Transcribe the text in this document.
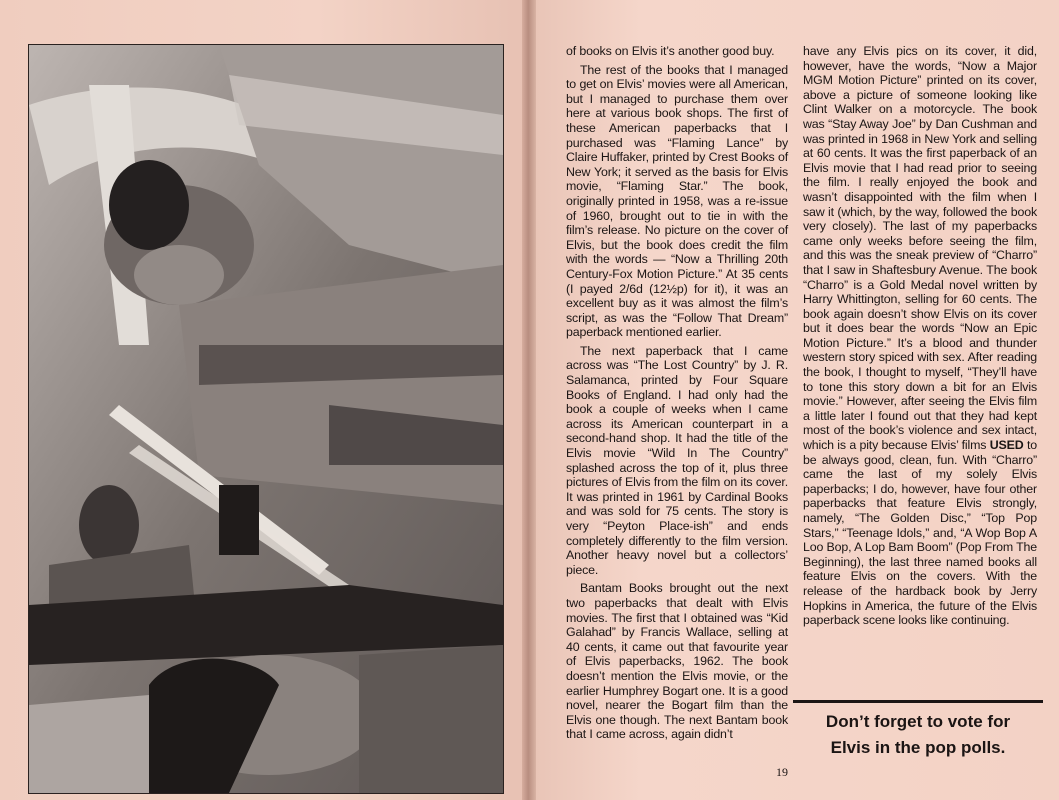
of books on Elvis it’s another good buy.

The rest of the books that I managed to get on Elvis’ movies were all American, but I managed to purchase them over here at various book shops. The first of these American paperbacks that I purchased was “Flaming Lance” by Claire Huffaker, printed by Crest Books of New York; it served as the basis for Elvis movie, “Flaming Star.” The book, originally printed in 1958, was a re-issue of 1960, brought out to tie in with the film’s release. No picture on the cover of Elvis, but the book does credit the film with the words — “Now a Thrilling 20th Century-Fox Motion Picture.” At 35 cents (I payed 2/6d (12½p) for it), it was an excellent buy as it was almost the film’s script, as was the “Follow That Dream” paperback mentioned earlier.

The next paperback that I came across was “The Lost Country” by J. R. Salamanca, printed by Four Square Books of England. I had only had the book a couple of weeks when I came across its American counterpart in a second-hand shop. It had the title of the Elvis movie “Wild In The Country” splashed across the top of it, plus three pictures of Elvis from the film on its cover. It was printed in 1961 by Cardinal Books and was sold for 75 cents. The story is very “Peyton Place-ish” and ends completely differently to the film version. Another heavy novel but a collectors’ piece.

Bantam Books brought out the next two paperbacks that dealt with Elvis movies. The first that I obtained was “Kid Galahad” by Francis Wallace, selling at 40 cents, it came out that favourite year of Elvis paperbacks, 1962. The book doesn’t mention the Elvis movie, or the earlier Humphrey Bogart one. It is a good novel, nearer the Bogart film than the Elvis one though. The next Bantam book that I came across, again didn’t

have any Elvis pics on its cover, it did, however, have the words, “Now a Major MGM Motion Picture” printed on its cover, above a picture of someone looking like Clint Walker on a motorcycle. The book was “Stay Away Joe” by Dan Cushman and was printed in 1968 in New York and selling at 60 cents. It was the first paperback of an Elvis movie that I had read prior to seeing the film. I really enjoyed the book and wasn’t disappointed with the film when I saw it (which, by the way, followed the book very closely). The last of my paperbacks came only weeks before seeing the film, and this was the sneak preview of “Charro” that I saw in Shaftesbury Avenue. The book “Charro” is a Gold Medal novel written by Harry Whittington, selling for 60 cents. The book again doesn’t show Elvis on its cover but it does bear the words “Now an Epic Motion Picture.” It’s a blood and thunder western story spiced with sex. After reading the book, I thought to myself, “They’ll have to tone this story down a bit for an Elvis movie.” However, after seeing the Elvis film a little later I found out that they had kept most of the book’s violence and sex intact, which is a pity because Elvis’ films USED to be always good, clean, fun. With “Charro” came the last of my solely Elvis paperbacks; I do, however, have four other paperbacks that feature Elvis strongly, namely, “The Golden Disc,” “Top Pop Stars,” “Teenage Idols,” and, “A Wop Bop A Loo Bop, A Lop Bam Boom” (Pop From The Beginning), the last three named books all feature Elvis on the covers. With the release of the hardback book by Jerry Hopkins in America, the future of the Elvis paperback scene looks like continuing.

Don’t forget to vote for
Elvis in the pop polls.
19
